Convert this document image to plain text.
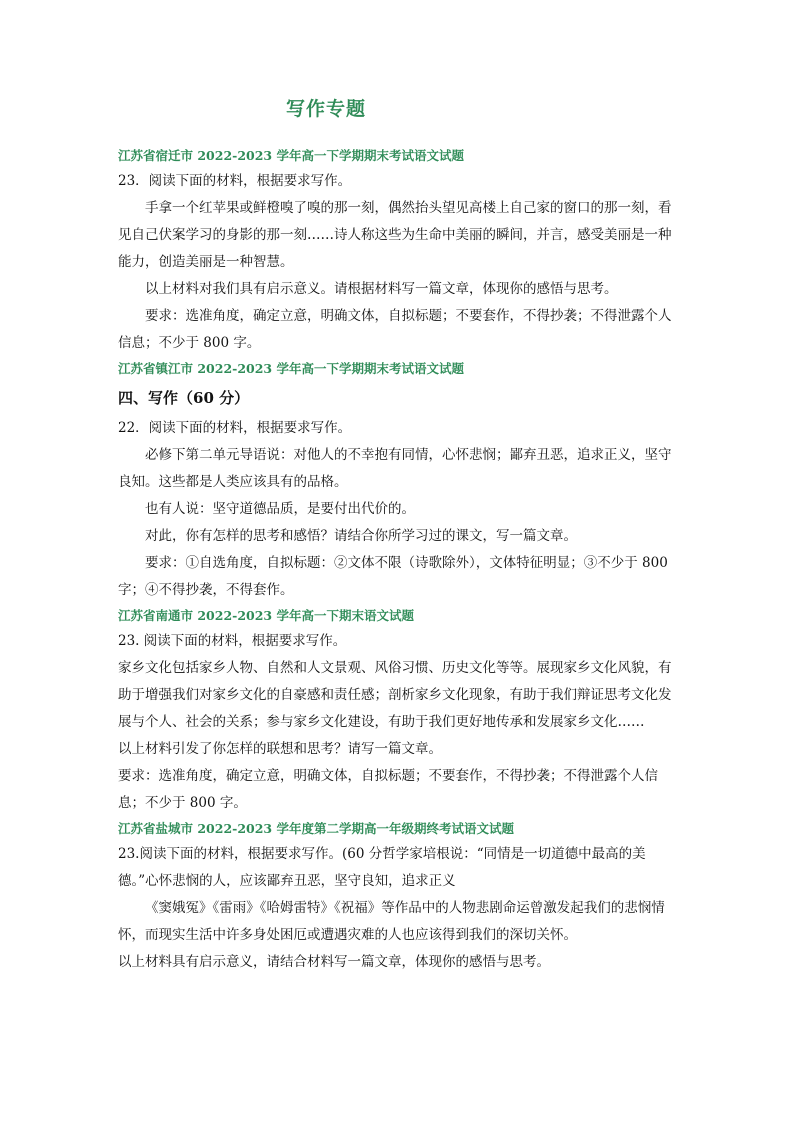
写作专题

江苏省宿迁市 2022-2023 学年高一下学期期末考试语文试题

23．阅读下面的材料，根据要求写作。

手拿一个红苹果或鲜橙嗅了嗅的那一刻，偶然抬头望见高楼上自己家的窗口的那一刻，看见自己伏案学习的身影的那一刻……诗人称这些为生命中美丽的瞬间，并言，感受美丽是一种能力，创造美丽是一种智慧。

以上材料对我们具有启示意义。请根据材料写一篇文章，体现你的感悟与思考。

要求：选准角度，确定立意，明确文体，自拟标题；不要套作，不得抄袭；不得泄露个人信息；不少于 800 字。

江苏省镇江市 2022-2023 学年高一下学期期末考试语文试题

四、写作（60 分）

22．阅读下面的材料，根据要求写作。

必修下第二单元导语说：对他人的不幸抱有同情，心怀悲悯；鄙弃丑恶，追求正义，坚守良知。这些都是人类应该具有的品格。

也有人说：坚守道德品质，是要付出代价的。

对此，你有怎样的思考和感悟？请结合你所学习过的课文，写一篇文章。

要求：①自选角度，自拟标题：②文体不限（诗歌除外），文体特征明显；③不少于 800 字；④不得抄袭，不得套作。

江苏省南通市 2022-2023 学年高一下期末语文试题

23. 阅读下面的材料，根据要求写作。

家乡文化包括家乡人物、自然和人文景观、风俗习惯、历史文化等等。展现家乡文化风貌，有助于增强我们对家乡文化的自豪感和责任感；剖析家乡文化现象，有助于我们辩证思考文化发展与个人、社会的关系；参与家乡文化建设，有助于我们更好地传承和发展家乡文化……

以上材料引发了你怎样的联想和思考？请写一篇文章。

要求：选准角度，确定立意，明确文体，自拟标题；不要套作，不得抄袭；不得泄露个人信息；不少于 800 字。

江苏省盐城市 2022-2023 学年度第二学期高一年级期终考试语文试题

23.阅读下面的材料，根据要求写作。(60 分哲学家培根说：“同情是一切道德中最高的美德。”心怀悲悯的人，应该鄙弃丑恶，坚守良知，追求正义

《窦娥冤》《雷雨》《哈姆雷特》《祝福》等作品中的人物悲剧命运曾激发起我们的悲悯情怀，而现实生活中许多身处困厄或遭遇灾难的人也应该得到我们的深切关怀。

以上材料具有启示意义，请结合材料写一篇文章，体现你的感悟与思考。
